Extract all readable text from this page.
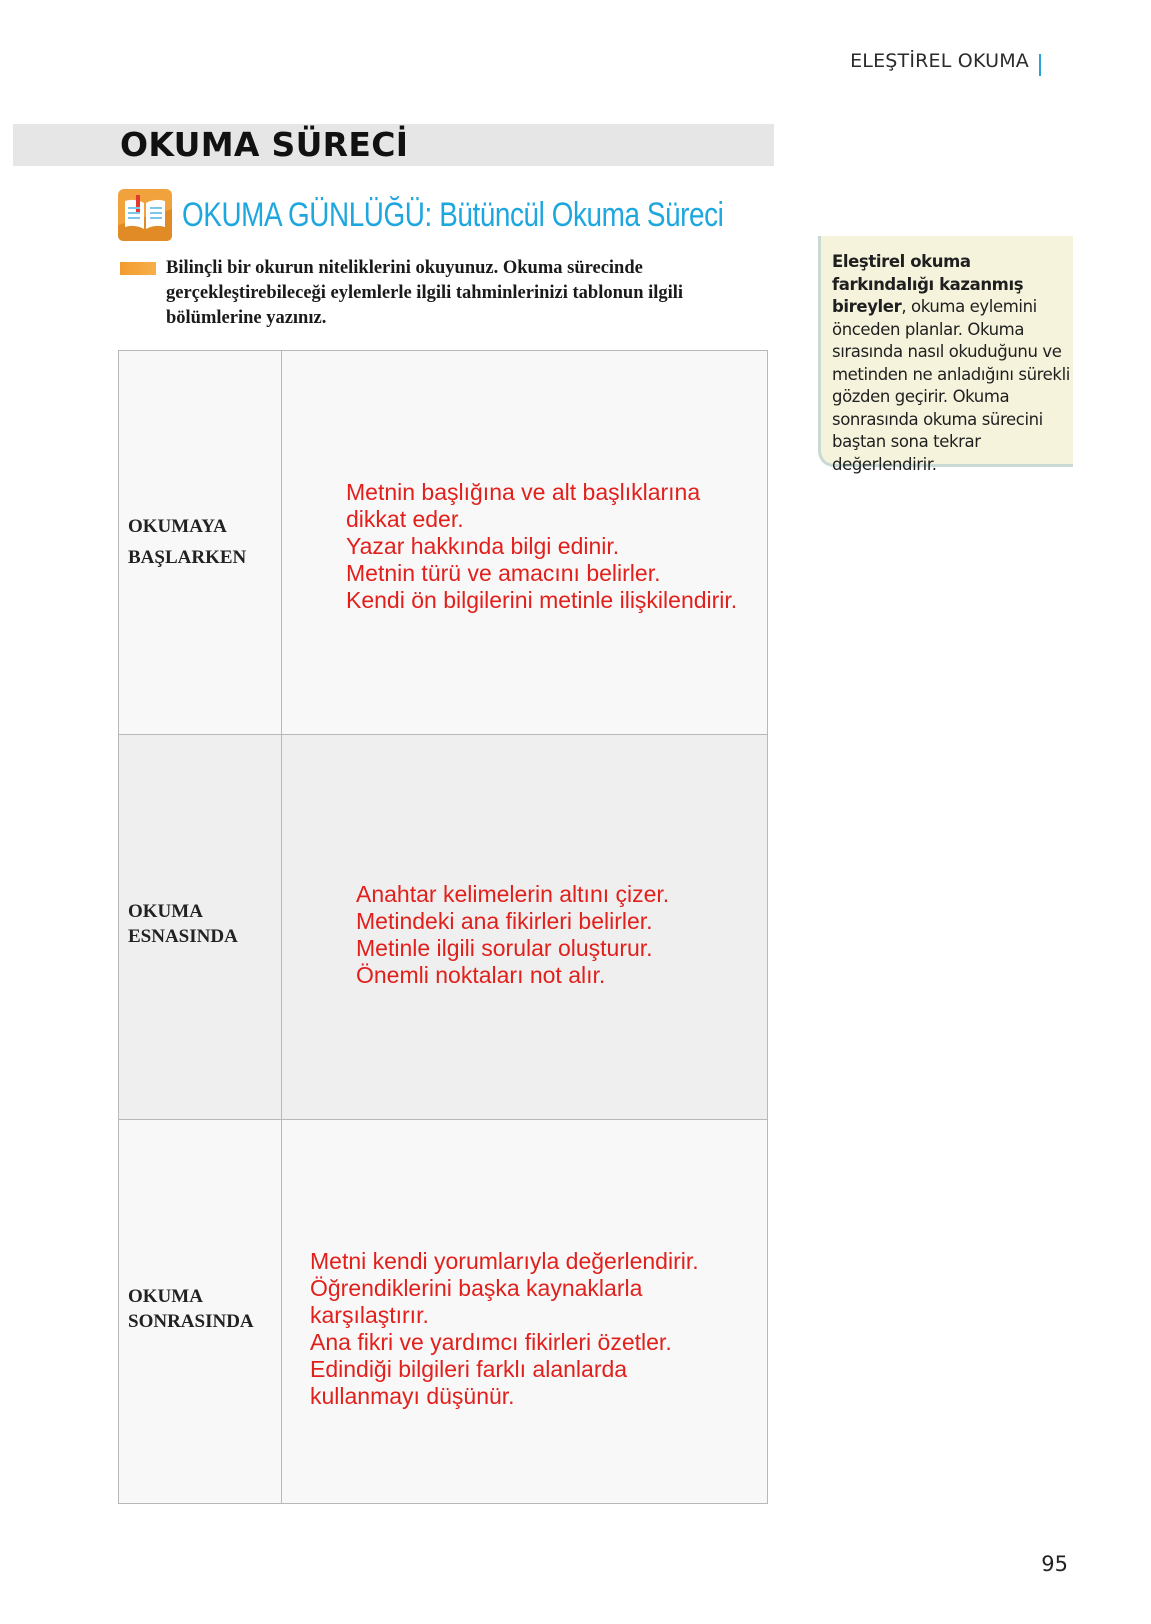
ELEŞTİREL OKUMA
OKUMA SÜRECİ
OKUMA GÜNLÜĞÜ: Bütüncül Okuma Süreci
Bilinçli bir okurun niteliklerini okuyunuz. Okuma sürecinde gerçekleştirebileceği eylemlerle ilgili tahminlerinizi tablonun ilgili bölümlerine yazınız.
Eleştirel okuma farkındalığı kazanmış bireyler, okuma eylemini önceden planlar. Okuma sırasında nasıl okuduğunu ve metinden ne anladığını sürekli gözden geçirir. Okuma sonrasında okuma sürecini baştan sona tekrar değerlendirir.
OKUMAYA
BAŞLARKEN
Metnin başlığına ve alt başlıklarına
dikkat eder.
Yazar hakkında bilgi edinir.
Metnin türü ve amacını belirler.
Kendi ön bilgilerini metinle ilişkilendirir.
OKUMA
ESNASINDA
Anahtar kelimelerin altını çizer.
Metindeki ana fikirleri belirler.
Metinle ilgili sorular oluşturur.
Önemli noktaları not alır.
OKUMA
SONRASINDA
Metni kendi yorumlarıyla değerlendirir.
Öğrendiklerini başka kaynaklarla
karşılaştırır.
Ana fikri ve yardımcı fikirleri özetler.
Edindiği bilgileri farklı alanlarda
kullanmayı düşünür.
95
